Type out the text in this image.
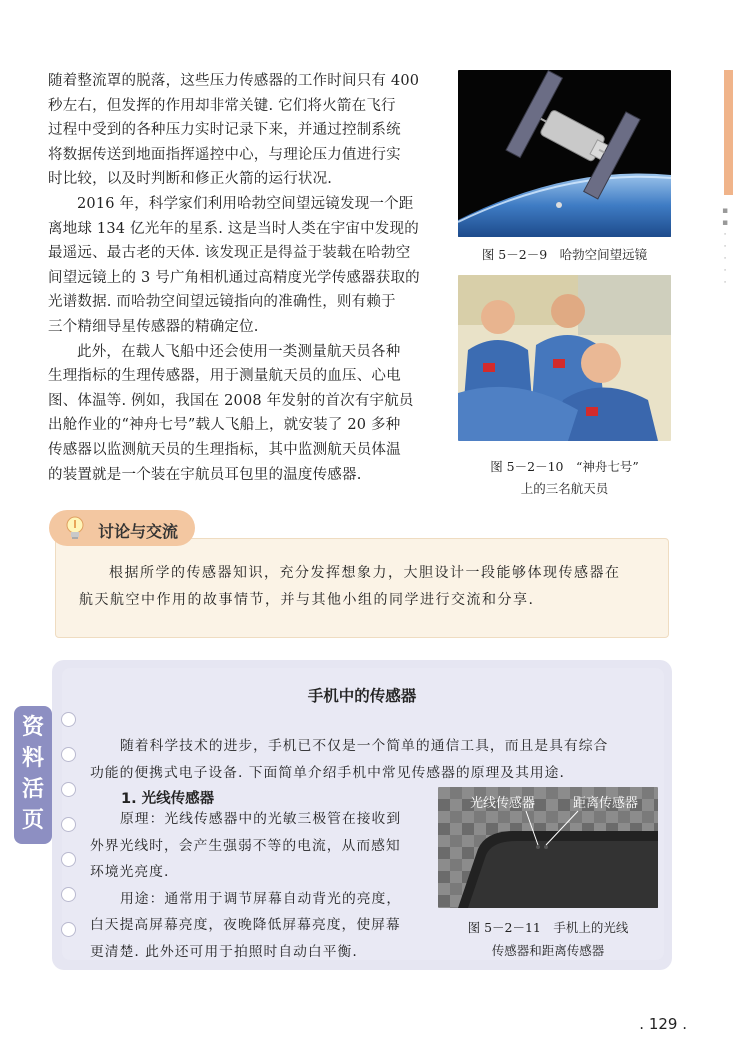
▪
▪
·
·
·
·
·
随着整流罩的脱落，这些压力传感器的工作时间只有 400
秒左右，但发挥的作用却非常关键. 它们将火箭在飞行
过程中受到的各种压力实时记录下来，并通过控制系统
将数据传送到地面指挥遥控中心，与理论压力值进行实
时比较，以及时判断和修正火箭的运行状况.
2016 年，科学家们利用哈勃空间望远镜发现一个距
离地球 134 亿光年的星系. 这是当时人类在宇宙中发现的
最遥远、最古老的天体. 该发现正是得益于装载在哈勃空
间望远镜上的 3 号广角相机通过高精度光学传感器获取的
光谱数据. 而哈勃空间望远镜指向的准确性，则有赖于
三个精细导星传感器的精确定位.
此外，在载人飞船中还会使用一类测量航天员各种
生理指标的生理传感器，用于测量航天员的血压、心电
图、体温等. 例如，我国在 2008 年发射的首次有宇航员
出舱作业的“神舟七号”载人飞船上，就安装了 20 多种
传感器以监测航天员的生理指标，其中监测航天员体温
的装置就是一个装在宇航员耳包里的温度传感器.
图 5－2－9　哈勃空间望远镜
图 5－2－10　“神舟七号”
上的三名航天员
讨论与交流
根据所学的传感器知识，充分发挥想象力，大胆设计一段能够体现传感器在
航天航空中作用的故事情节，并与其他小组的同学进行交流和分享.
资料活页
手机中的传感器
随着科学技术的进步，手机已不仅是一个简单的通信工具，而且是具有综合
功能的便携式电子设备. 下面简单介绍手机中常见传感器的原理及其用途.
1. 光线传感器
原理：光线传感器中的光敏三极管在接收到
外界光线时，会产生强弱不等的电流，从而感知
环境光亮度.
用途：通常用于调节屏幕自动背光的亮度，
白天提高屏幕亮度，夜晚降低屏幕亮度，使屏幕
更清楚. 此外还可用于拍照时自动白平衡.
光线传感器	距离传感器
图 5－2－11　手机上的光线
传感器和距离传感器
. 129 .
